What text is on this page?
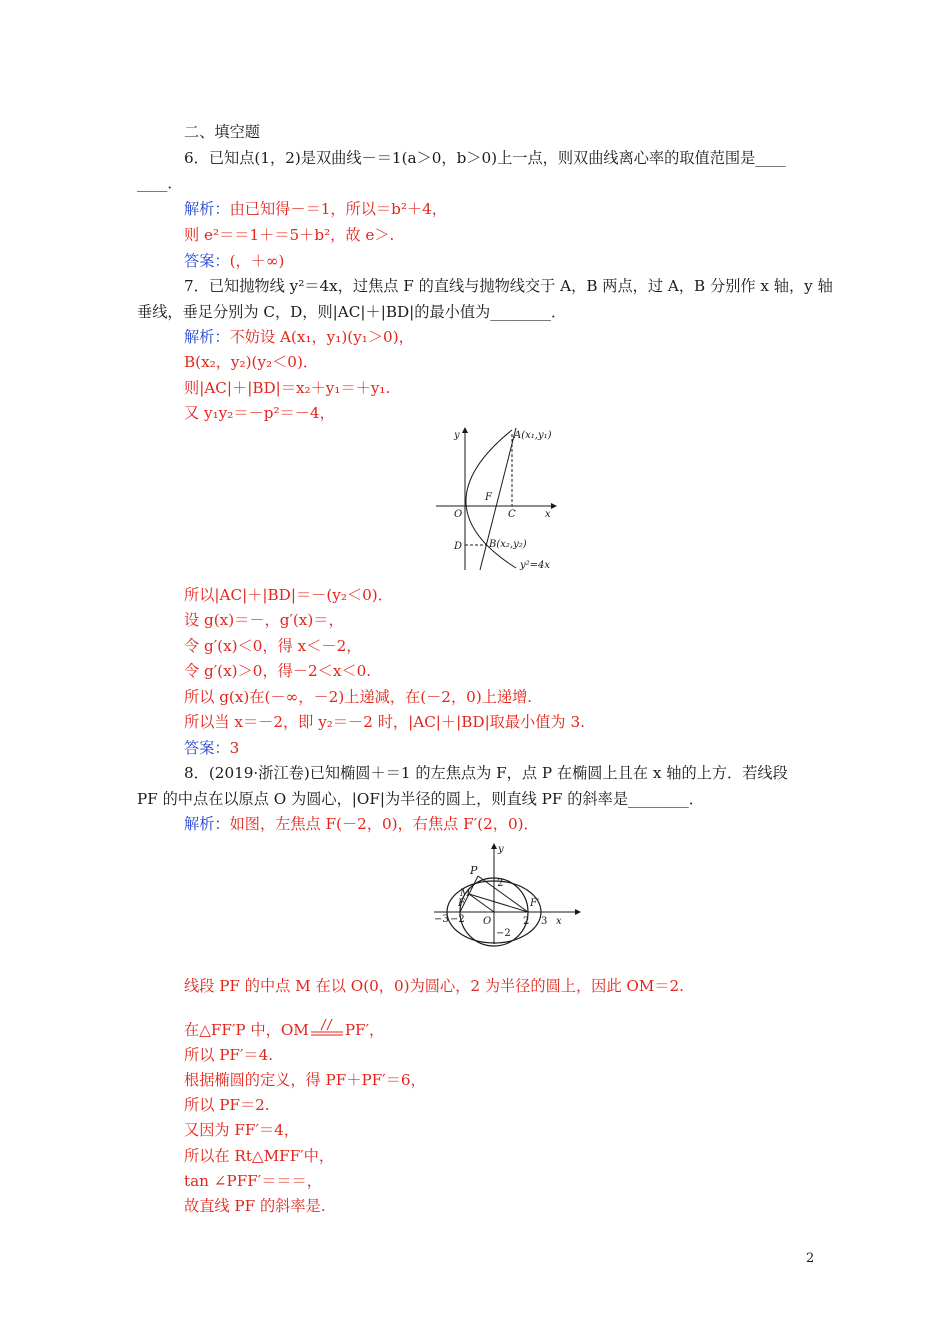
二、填空题
6．已知点(1，2)是双曲线－＝1(a＞0，b＞0)上一点，则双曲线离心率的取值范围是____
____．
解析：由已知得－＝1，所以＝b²＋4，
则 e²＝＝1＋＝5＋b²，故 e＞.
答案：(，＋∞)
7．已知抛物线 y²＝4x，过焦点 F 的直线与抛物线交于 A，B 两点，过 A，B 分别作 x 轴，y 轴
垂线，垂足分别为 C，D，则|AC|＋|BD|的最小值为________．
解析：不妨设 A(x₁，y₁)(y₁＞0)，
B(x₂，y₂)(y₂＜0)．
则|AC|＋|BD|＝x₂＋y₁＝＋y₁.
又 y₁y₂＝－p²＝－4，
y	A(x₁,y₁)
F
O	C	x
D	B(x₂,y₂)
y²=4x
所以|AC|＋|BD|＝－(y₂＜0)．
设 g(x)＝－，g′(x)＝，
令 g′(x)＜0，得 x＜－2，
令 g′(x)＞0，得－2＜x＜0.
所以 g(x)在(－∞，－2)上递减，在(－2，0)上递增.
所以当 x＝－2，即 y₂＝－2 时，|AC|＋|BD|取最小值为 3.
答案：3
8．(2019·浙江卷)已知椭圆＋＝1 的左焦点为 F，点 P 在椭圆上且在 x 轴的上方．若线段
PF 的中点在以原点 O 为圆心，|OF|为半径的圆上，则直线 PF 的斜率是________．
解析：如图，左焦点 F(－2，0)，右焦点 F′(2，0)．
y
P
2
M
F	F′
−3 −2 O	2 3 x
−2
线段 PF 的中点 M 在以 O(0，0)为圆心，2 为半径的圆上，因此 OM＝2.
在△FF′P 中，OM PF′，
所以 PF′＝4.
根据椭圆的定义，得 PF＋PF′＝6，
所以 PF＝2.
又因为 FF′＝4，
所以在 Rt△MFF′中，
tan ∠PFF′＝＝＝，
故直线 PF 的斜率是.
2
